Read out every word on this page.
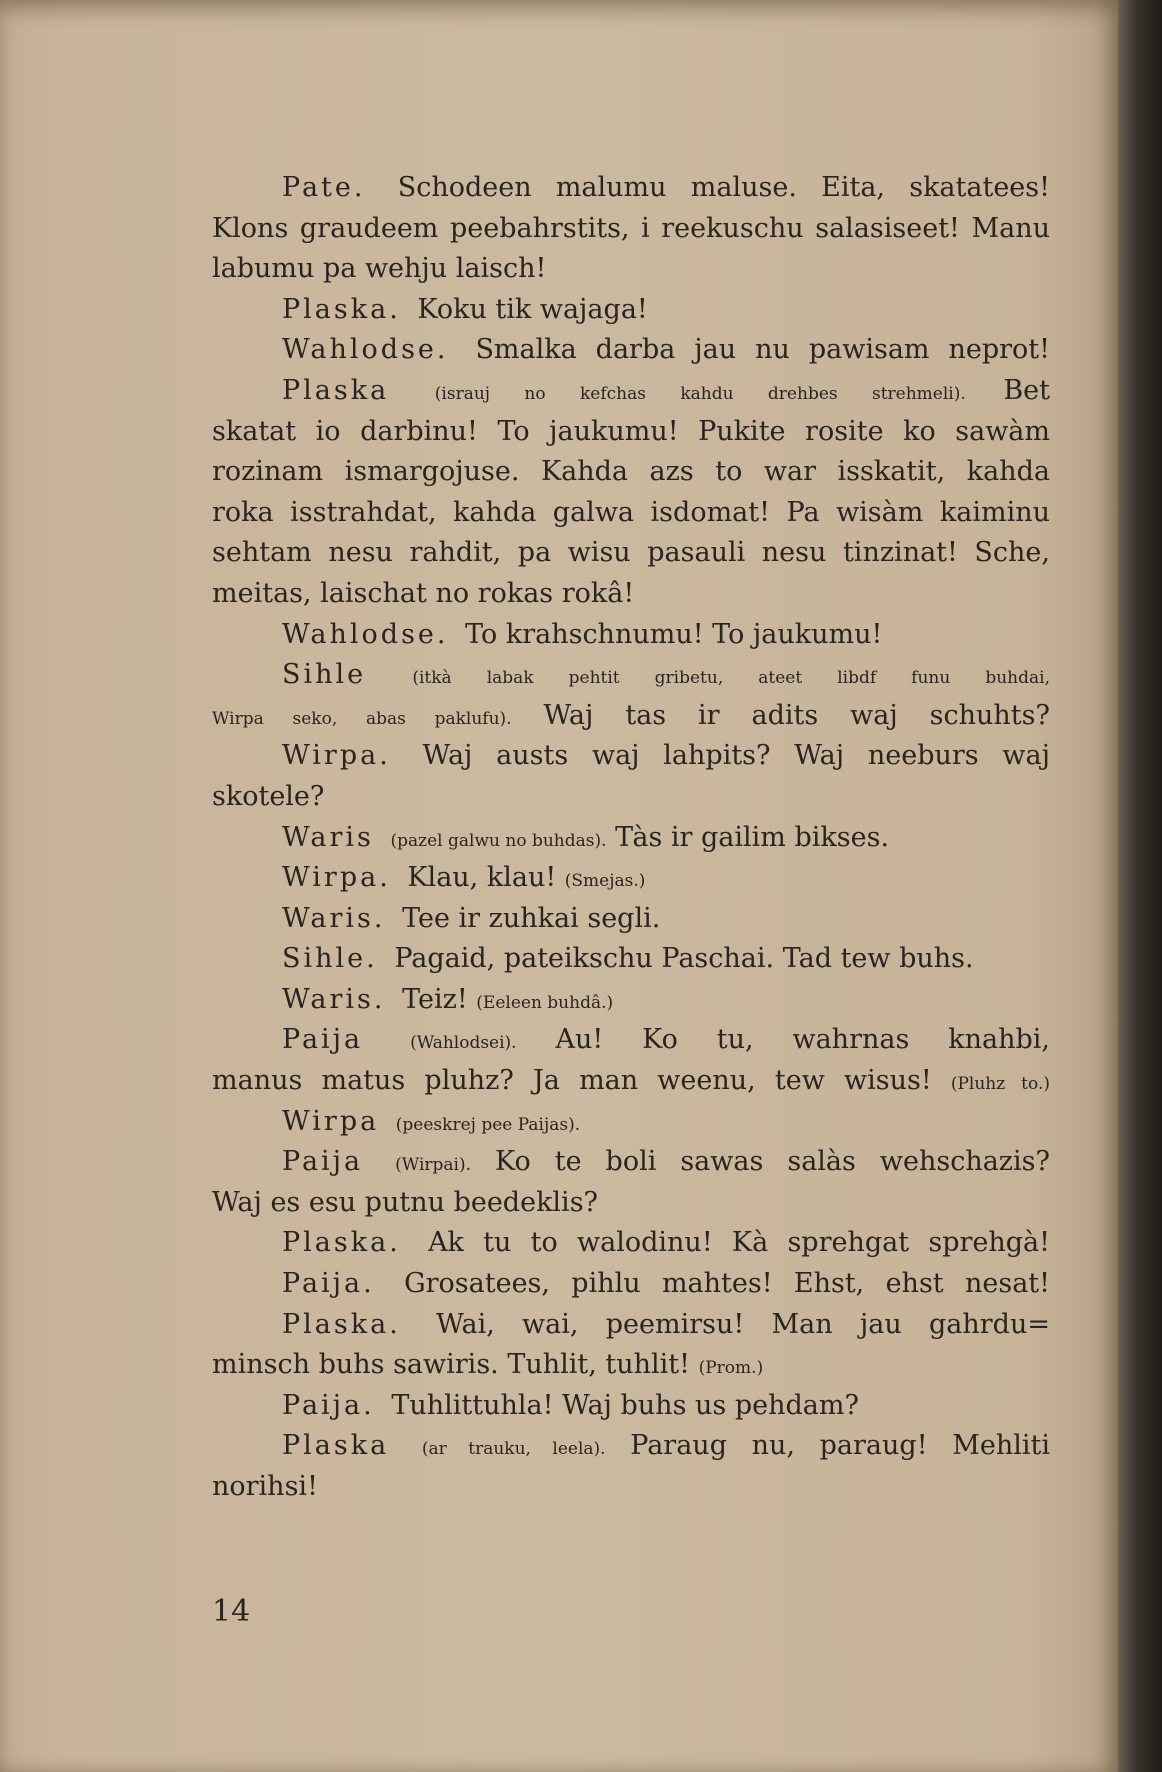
Pate. Schodeen malumu maluse. Eita, skatatees!
Klons graudeem peebahrstits, i reekuschu salasiseet! Manu
labumu pa wehju laisch!
Plaska. Koku tik wajaga!
Wahlodse. Smalka darba jau nu pawisam neprot!
Plaska	(israuj no kefchas kahdu drehbes strehmeli). Bet
skatat io darbinu! To jaukumu! Pukite rosite ko sawàm
rozinam ismargojuse. Kahda azs to war isskatit, kahda
roka isstrahdat, kahda galwa isdomat! Pa wisàm kaiminu
sehtam nesu rahdit, pa wisu pasauli nesu tinzinat! Sche,
meitas, laischat no rokas rokâ!
Wahlodse. To krahschnumu! To jaukumu!
Sihle	(itkà labak pehtit gribetu, ateet libdf funu buhdai,
Wirpa seko, abas paklufu). Waj tas ir adits waj schuhts?
Wirpa. Waj austs waj lahpits? Waj neeburs waj
skotele?
Waris (pazel galwu no buhdas). Tàs ir gailim bikses.
Wirpa. Klau, klau! (Smejas.)
Waris. Tee ir zuhkai segli.
Sihle. Pagaid, pateikschu Paschai. Tad tew buhs.
Waris. Teiz! (Eeleen buhdâ.)
Paija	(Wahlodsei). Au! Ko tu, wahrnas knahbi,
manus matus pluhz? Ja man weenu, tew wisus! (Pluhz to.)
Wirpa (peeskrej pee Paijas).
Paija (Wirpai). Ko te boli sawas salàs wehschazis?
Waj es esu putnu beedeklis?
Plaska. Ak tu to walodinu! Kà sprehgat sprehgà!
Paija. Grosatees, pihlu mahtes! Ehst, ehst nesat!
Plaska. Wai, wai, peemirsu! Man jau gahrdu=
minsch buhs sawiris. Tuhlit, tuhlit! (Prom.)
Paija. Tuhlittuhla! Waj buhs us pehdam?
Plaska (ar trauku, leela). Paraug nu, paraug! Mehliti
norihsi!
14
